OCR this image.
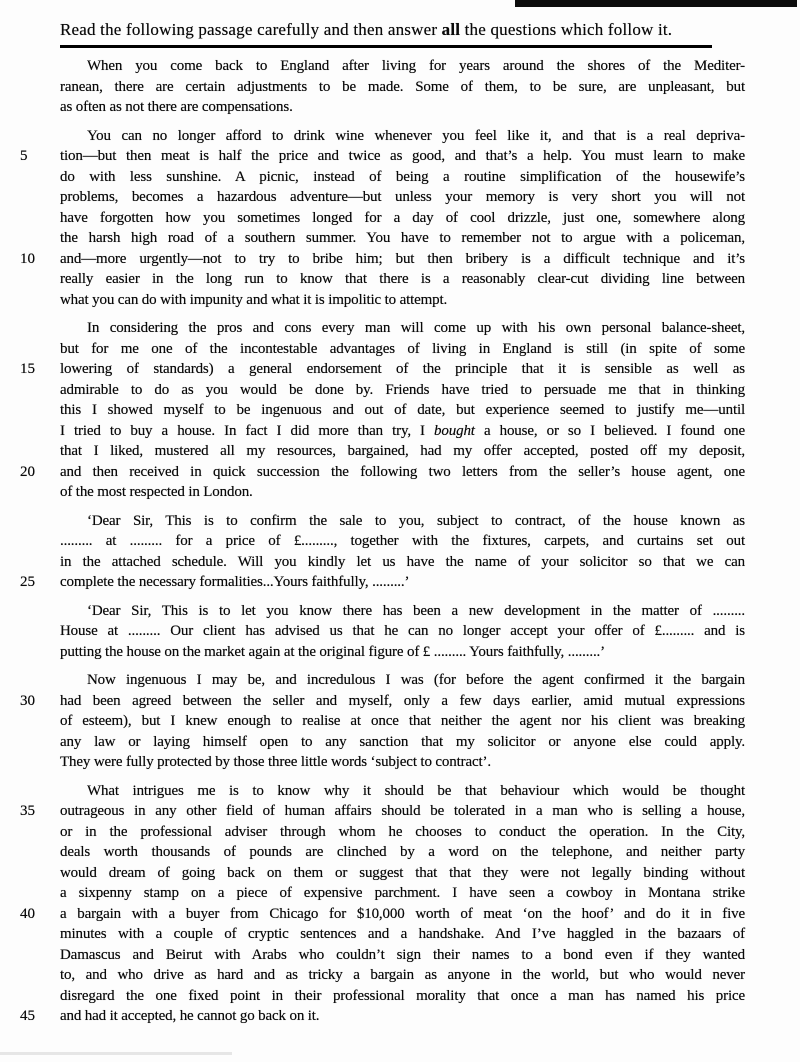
Read the following passage carefully and then answer all the questions which follow it.
When you come back to England after living for years around the shores of the Mediter-
ranean, there are certain adjustments to be made. Some of them, to be sure, are unpleasant, but
as often as not there are compensations.
You can no longer afford to drink wine whenever you feel like it, and that is a real depriva-
5	tion—but then meat is half the price and twice as good, and that’s a help. You must learn to make
do with less sunshine. A picnic, instead of being a routine simplification of the housewife’s
problems, becomes a hazardous adventure—but unless your memory is very short you will not
have forgotten how you sometimes longed for a day of cool drizzle, just one, somewhere along
the harsh high road of a southern summer. You have to remember not to argue with a policeman,
10	and—more urgently—not to try to bribe him; but then bribery is a difficult technique and it’s
really easier in the long run to know that there is a reasonably clear-cut dividing line between
what you can do with impunity and what it is impolitic to attempt.
In considering the pros and cons every man will come up with his own personal balance-sheet,
but for me one of the incontestable advantages of living in England is still (in spite of some
15	lowering of standards) a general endorsement of the principle that it is sensible as well as
admirable to do as you would be done by. Friends have tried to persuade me that in thinking
this I showed myself to be ingenuous and out of date, but experience seemed to justify me—until
I tried to buy a house. In fact I did more than try, I bought a house, or so I believed. I found one
that I liked, mustered all my resources, bargained, had my offer accepted, posted off my deposit,
20	and then received in quick succession the following two letters from the seller’s house agent, one
of the most respected in London.
‘Dear Sir, This is to confirm the sale to you, subject to contract, of the house known as
......... at ......... for a price of £........., together with the fixtures, carpets, and curtains set out
in the attached schedule. Will you kindly let us have the name of your solicitor so that we can
25	complete the necessary formalities...Yours faithfully, .........’
‘Dear Sir, This is to let you know there has been a new development in the matter of .........
House at ......... Our client has advised us that he can no longer accept your offer of £......... and is
putting the house on the market again at the original figure of £ ......... Yours faithfully, .........’
Now ingenuous I may be, and incredulous I was (for before the agent confirmed it the bargain
30	had been agreed between the seller and myself, only a few days earlier, amid mutual expressions
of esteem), but I knew enough to realise at once that neither the agent nor his client was breaking
any law or laying himself open to any sanction that my solicitor or anyone else could apply.
They were fully protected by those three little words ‘subject to contract’.
What intrigues me is to know why it should be that behaviour which would be thought
35	outrageous in any other field of human affairs should be tolerated in a man who is selling a house,
or in the professional adviser through whom he chooses to conduct the operation. In the City,
deals worth thousands of pounds are clinched by a word on the telephone, and neither party
would dream of going back on them or suggest that that they were not legally binding without
a sixpenny stamp on a piece of expensive parchment. I have seen a cowboy in Montana strike
40	a bargain with a buyer from Chicago for $10,000 worth of meat ‘on the hoof’ and do it in five
minutes with a couple of cryptic sentences and a handshake. And I’ve haggled in the bazaars of
Damascus and Beirut with Arabs who couldn’t sign their names to a bond even if they wanted
to, and who drive as hard and as tricky a bargain as anyone in the world, but who would never
disregard the one fixed point in their professional morality that once a man has named his price
45	and had it accepted, he cannot go back on it.
